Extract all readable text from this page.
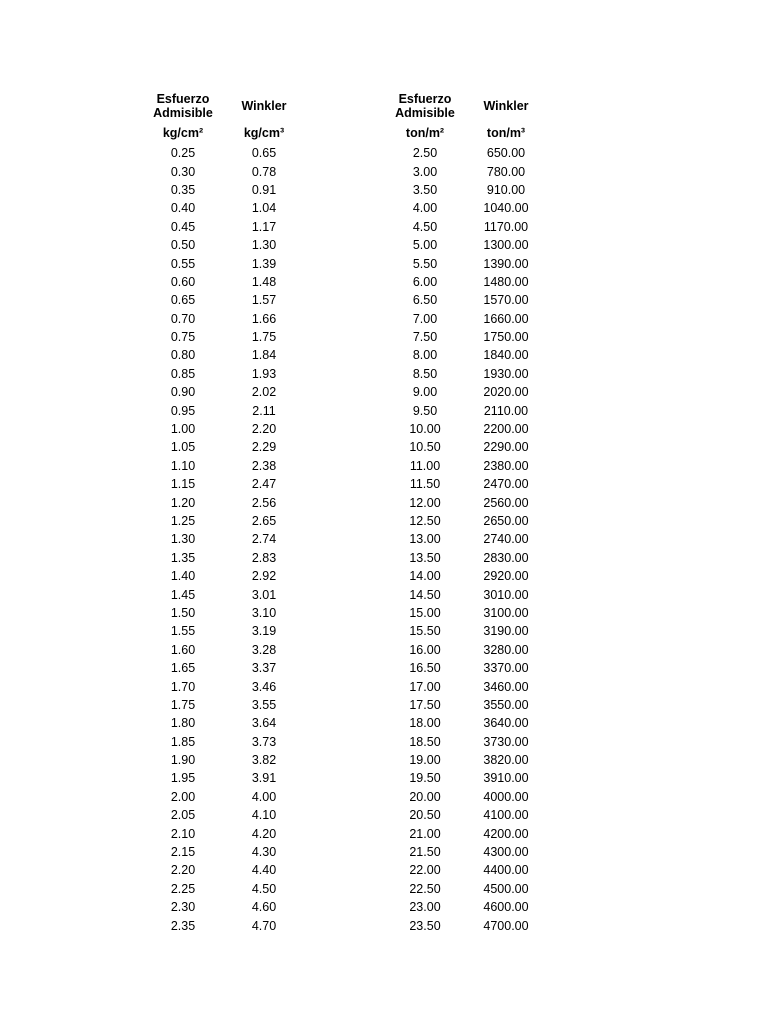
Esfuerzo
Admisible	Winkler
kg/cm²	kg/cm³
0.25	0.65
0.30	0.78
0.35	0.91
0.40	1.04
0.45	1.17
0.50	1.30
0.55	1.39
0.60	1.48
0.65	1.57
0.70	1.66
0.75	1.75
0.80	1.84
0.85	1.93
0.90	2.02
0.95	2.11
1.00	2.20
1.05	2.29
1.10	2.38
1.15	2.47
1.20	2.56
1.25	2.65
1.30	2.74
1.35	2.83
1.40	2.92
1.45	3.01
1.50	3.10
1.55	3.19
1.60	3.28
1.65	3.37
1.70	3.46
1.75	3.55
1.80	3.64
1.85	3.73
1.90	3.82
1.95	3.91
2.00	4.00
2.05	4.10
2.10	4.20
2.15	4.30
2.20	4.40
2.25	4.50
2.30	4.60
2.35	4.70
Esfuerzo
Admisible	Winkler
ton/m²	ton/m³
2.50	650.00
3.00	780.00
3.50	910.00
4.00	1040.00
4.50	1170.00
5.00	1300.00
5.50	1390.00
6.00	1480.00
6.50	1570.00
7.00	1660.00
7.50	1750.00
8.00	1840.00
8.50	1930.00
9.00	2020.00
9.50	2110.00
10.00	2200.00
10.50	2290.00
11.00	2380.00
11.50	2470.00
12.00	2560.00
12.50	2650.00
13.00	2740.00
13.50	2830.00
14.00	2920.00
14.50	3010.00
15.00	3100.00
15.50	3190.00
16.00	3280.00
16.50	3370.00
17.00	3460.00
17.50	3550.00
18.00	3640.00
18.50	3730.00
19.00	3820.00
19.50	3910.00
20.00	4000.00
20.50	4100.00
21.00	4200.00
21.50	4300.00
22.00	4400.00
22.50	4500.00
23.00	4600.00
23.50	4700.00
